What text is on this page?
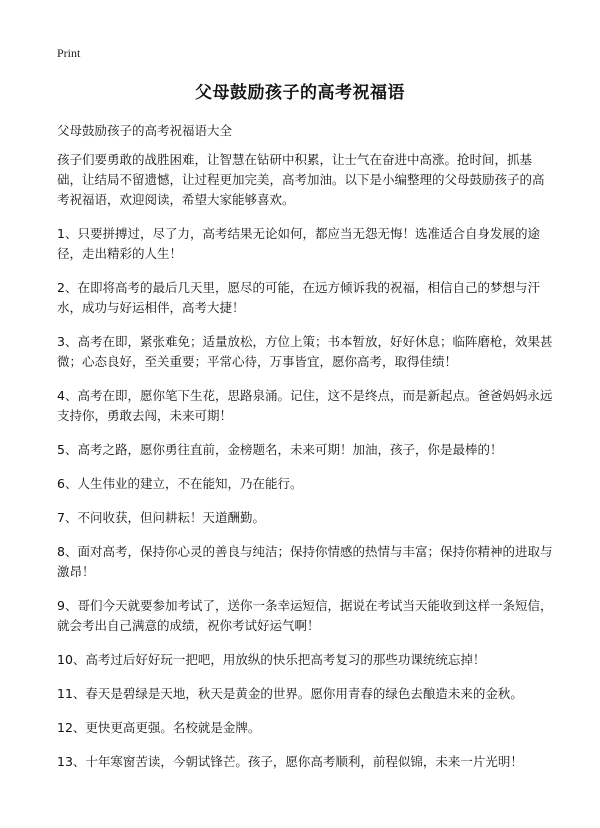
Print
父母鼓励孩子的高考祝福语
父母鼓励孩子的高考祝福语大全

孩子们要勇敢的战胜困难，让智慧在钻研中积累，让士气在奋进中高涨。抢时间，抓基础，让结局不留遗憾，让过程更加完美，高考加油。以下是小编整理的父母鼓励孩子的高考祝福语，欢迎阅读，希望大家能够喜欢。

1、只要拼搏过，尽了力，高考结果无论如何，都应当无怨无悔！选准适合自身发展的途径，走出精彩的人生！

2、在即将高考的最后几天里，愿尽的可能，在远方倾诉我的祝福，相信自己的梦想与汗水，成功与好运相伴，高考大捷！

3、高考在即，紧张难免；适量放松，方位上策；书本暂放，好好休息；临阵磨枪，效果甚微；心态良好，至关重要；平常心待，万事皆宜，愿你高考，取得佳绩！

4、高考在即，愿你笔下生花，思路泉涌。记住，这不是终点，而是新起点。爸爸妈妈永远支持你，勇敢去闯，未来可期！

5、高考之路，愿你勇往直前，金榜题名，未来可期！加油，孩子，你是最棒的！

6、人生伟业的建立，不在能知，乃在能行。

7、不问收获，但问耕耘！天道酬勤。

8、面对高考，保持你心灵的善良与纯洁；保持你情感的热情与丰富；保持你精神的进取与激昂！

9、哥们今天就要参加考试了，送你一条幸运短信，据说在考试当天能收到这样一条短信，就会考出自己满意的成绩，祝你考试好运气啊！

10、高考过后好好玩一把吧，用放纵的快乐把高考复习的那些功课统统忘掉！

11、春天是碧绿是天地，秋天是黄金的世界。愿你用青春的绿色去酿造未来的金秋。

12、更快更高更强。名校就是金牌。

13、十年寒窗苦读，今朝试锋芒。孩子，愿你高考顺利，前程似锦，未来一片光明！
